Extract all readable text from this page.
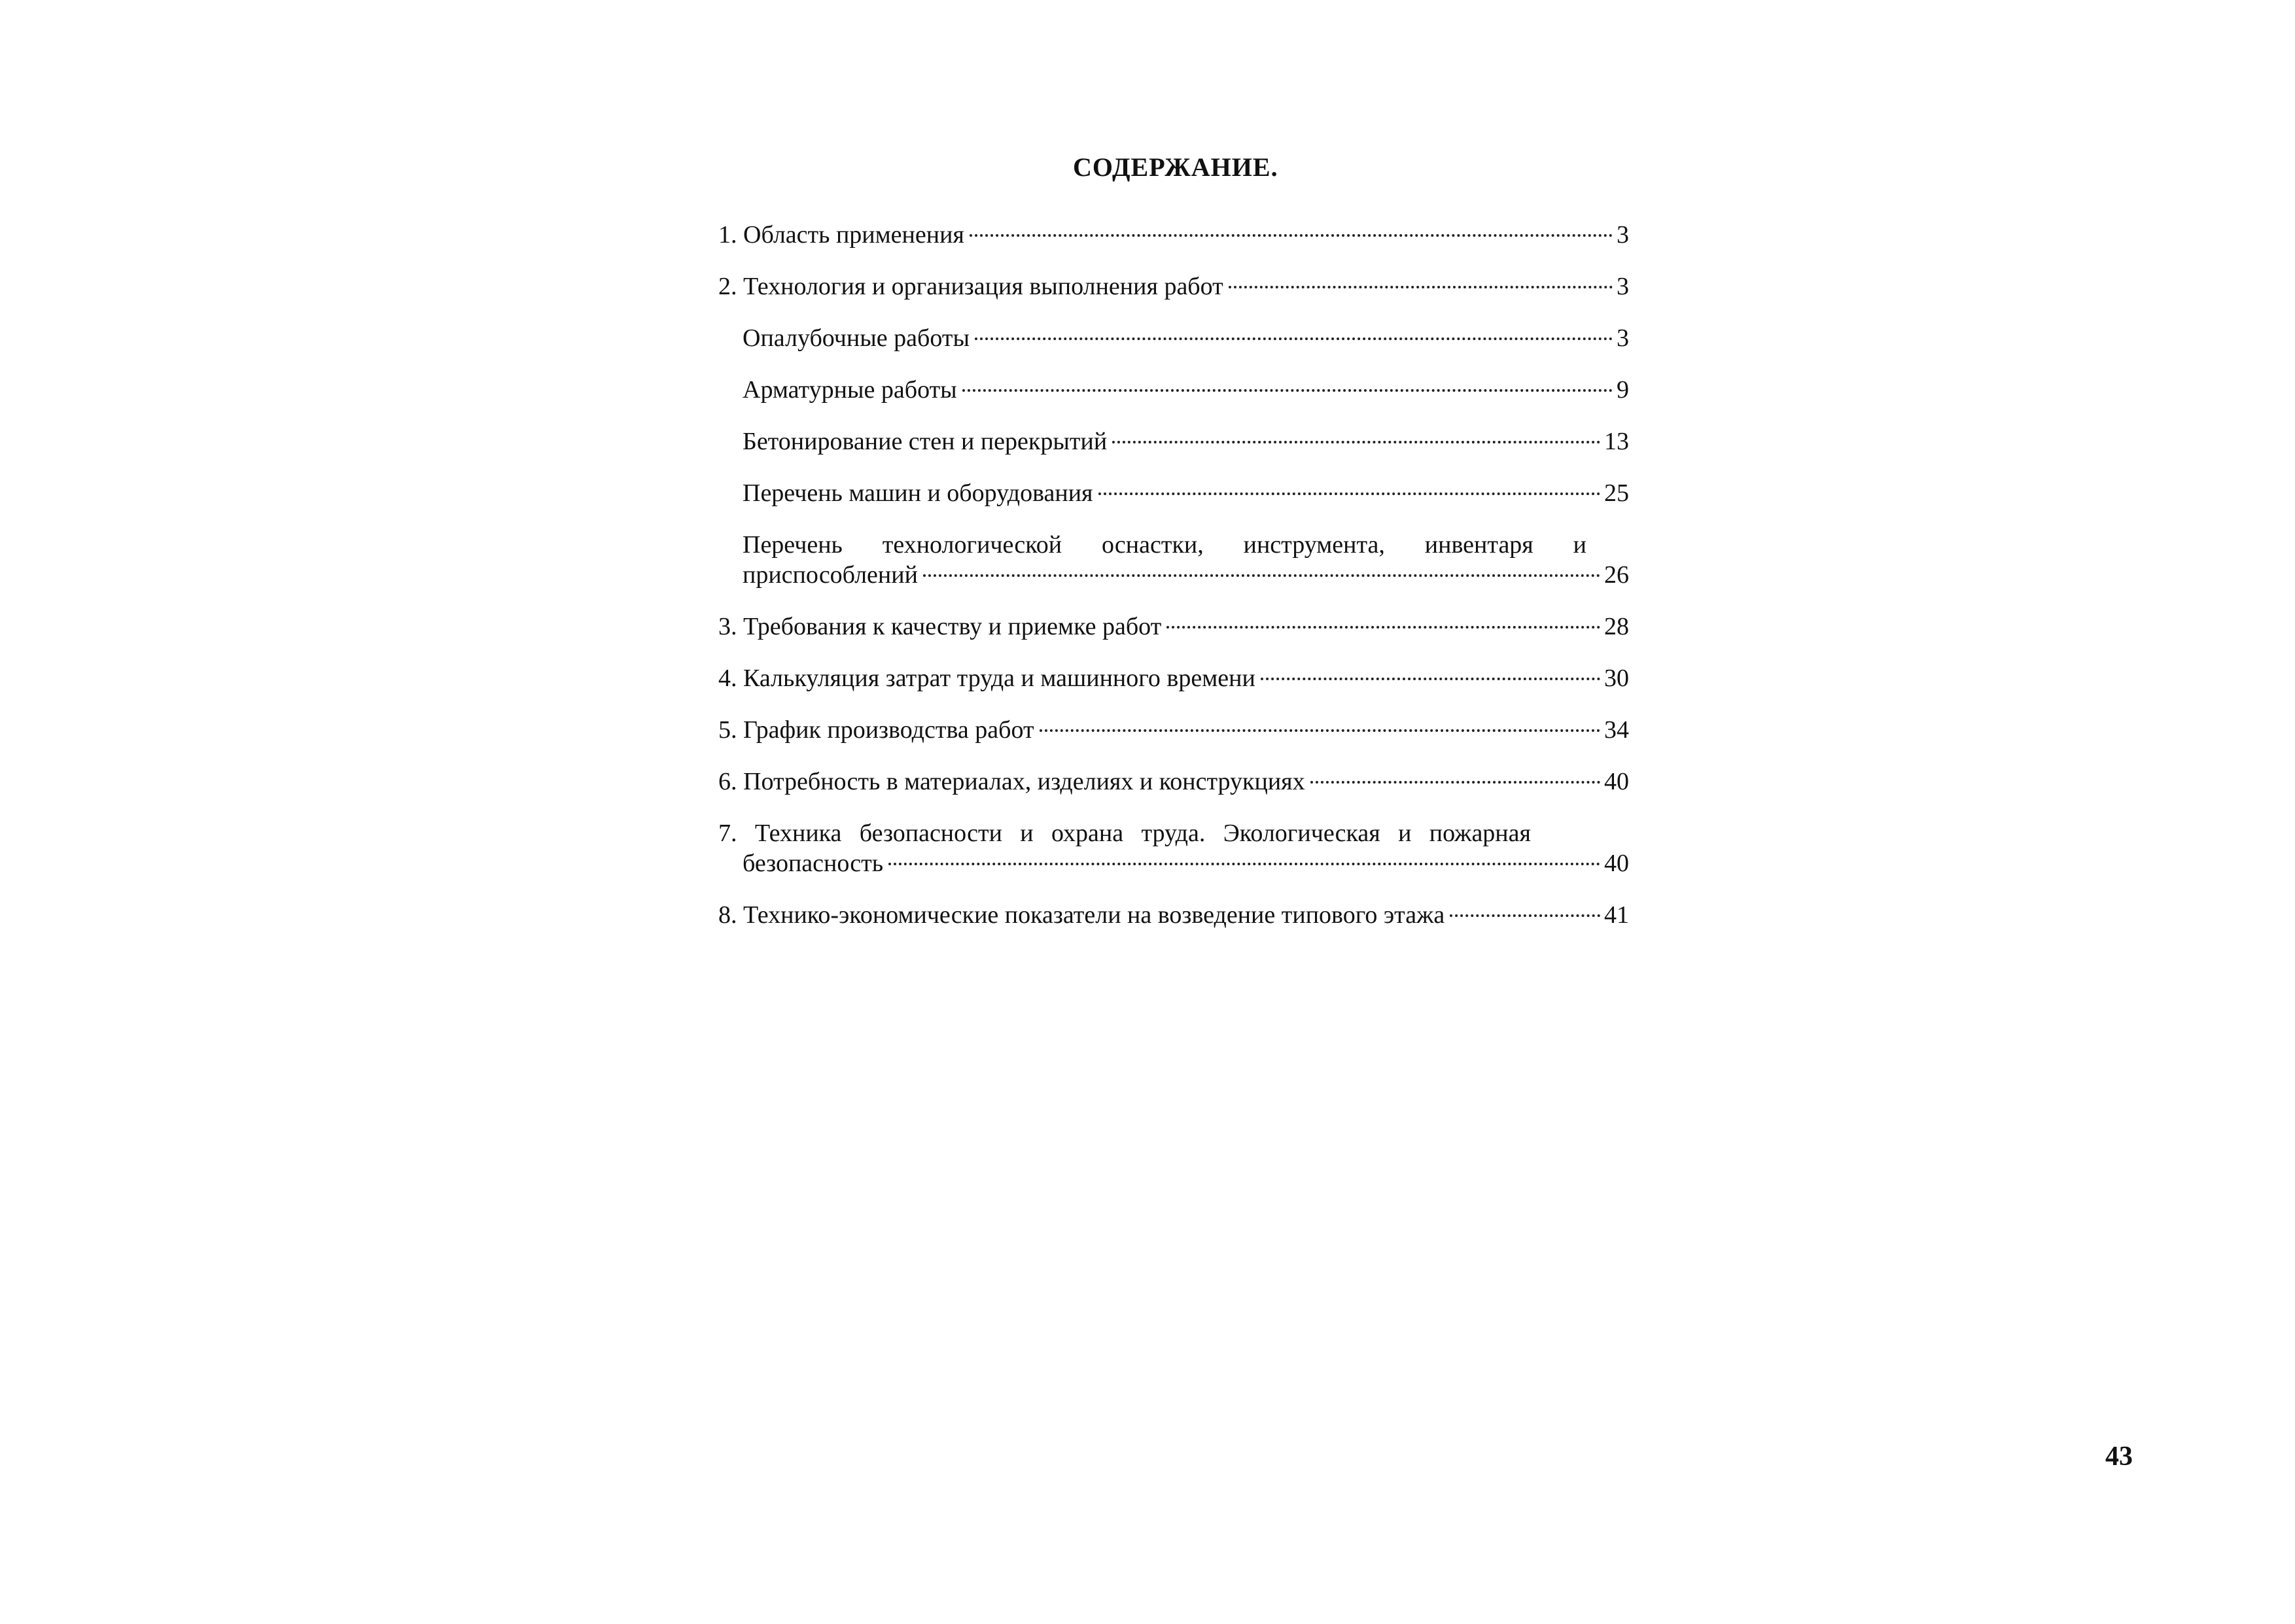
СОДЕРЖАНИЕ.
1. Область применения	3
2. Технология и организация выполнения работ	3
Опалубочные работы	3
Арматурные работы	9
Бетонирование стен и перекрытий	13
Перечень машин и оборудования	25
Перечень технологической оснастки, инструмента, инвентаря и
приспособлений	26
3. Требования к качеству и приемке работ	28
4. Калькуляция затрат труда и машинного времени	30
5. График производства работ	34
6. Потребность в материалах, изделиях и конструкциях	40
7. Техника безопасности и охрана труда. Экологическая и пожарная
безопасность	40
8. Технико-экономические показатели на возведение типового этажа	41
43
